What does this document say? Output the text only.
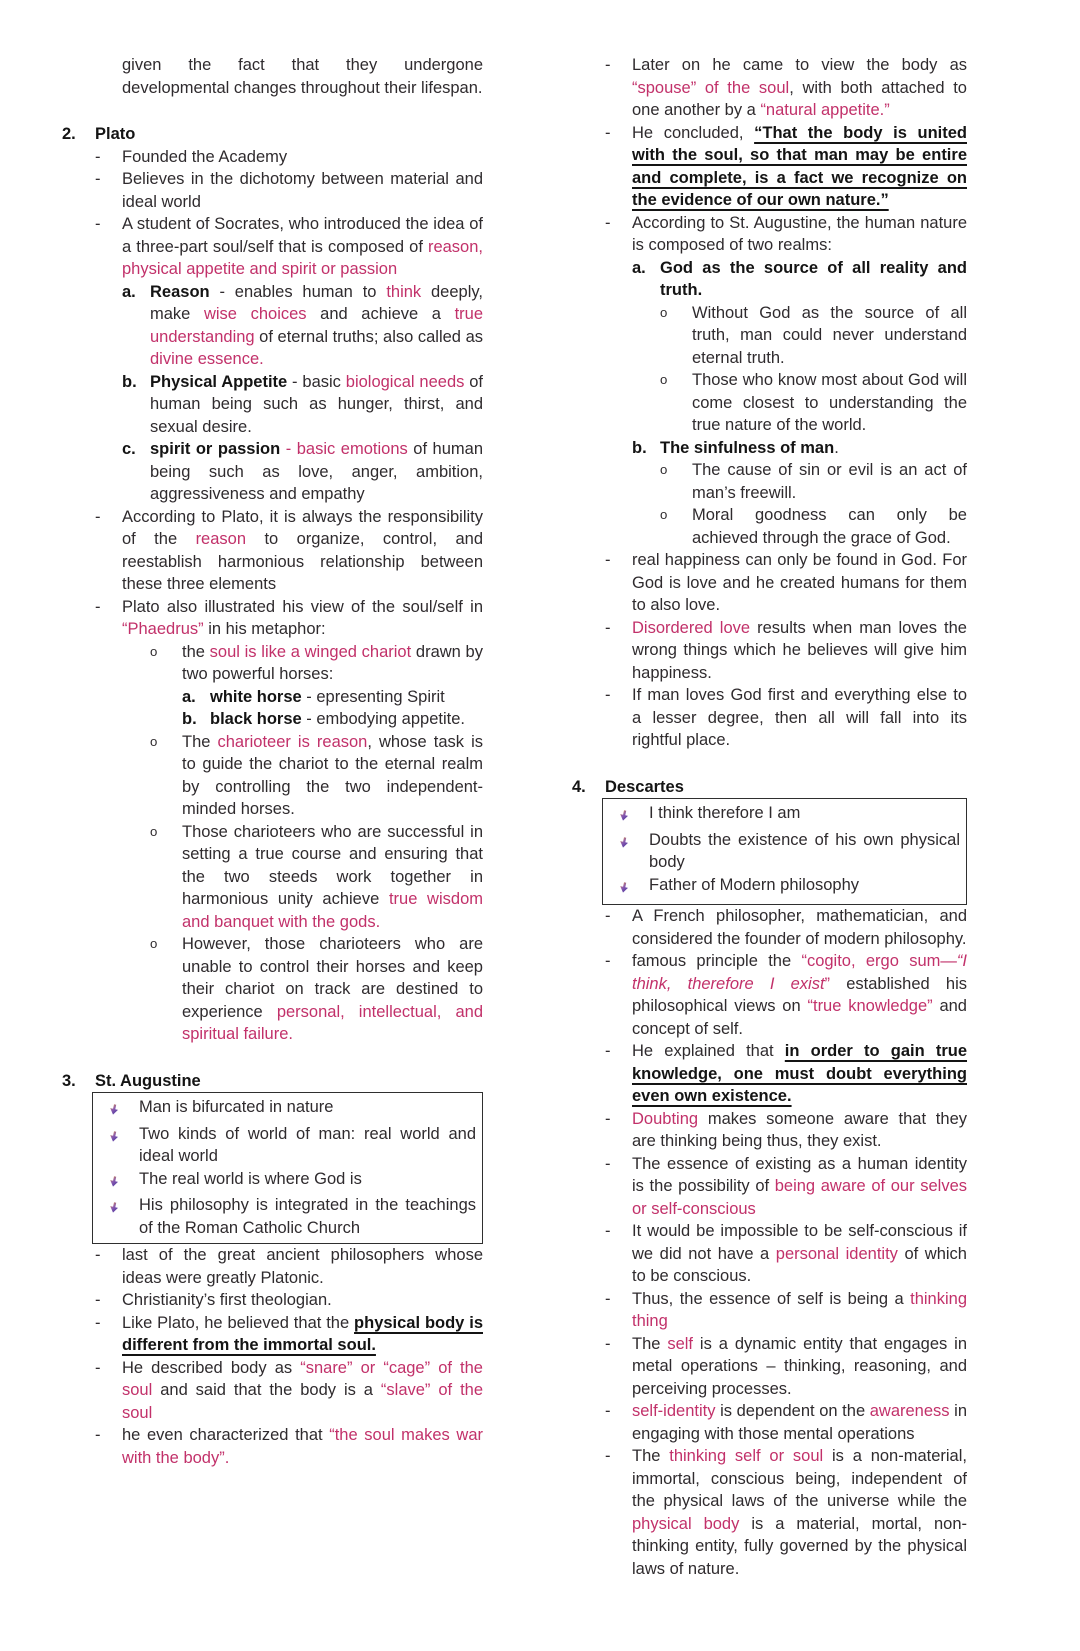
given the fact that they undergone developmental changes throughout their lifespan.
2.	Plato
-	Founded the Academy
-	Believes in the dichotomy between material and ideal world
-	A student of Socrates, who introduced the idea of a three-part soul/self that is composed of reason, physical appetite and spirit or passion
a. Reason - enables human to think deeply, make wise choices and achieve a true understanding of eternal truths; also called as divine essence.
b. Physical Appetite - basic biological needs of human being such as hunger, thirst, and sexual desire.
c. spirit or passion - basic emotions of human being such as love, anger, ambition, aggressiveness and empathy
-	According to Plato, it is always the responsibility of the reason to organize, control, and reestablish harmonious relationship between these three elements
-	Plato also illustrated his view of the soul/self in “Phaedrus” in his metaphor:
o	the soul is like a winged chariot drawn by two powerful horses:
a. white horse - epresenting Spirit
b. black horse - embodying appetite.
o	The charioteer is reason, whose task is to guide the chariot to the eternal realm by controlling the two independent-minded horses.
o	Those charioteers who are successful in setting a true course and ensuring that the two steeds work together in harmonious unity achieve true wisdom and banquet with the gods.
o	However, those charioteers who are unable to control their horses and keep their chariot on track are destined to experience personal, intellectual, and spiritual failure.
3.	St. Augustine
Man is bifurcated in nature
Two kinds of world of man: real world and ideal world
The real world is where God is
His philosophy is integrated in the teachings of the Roman Catholic Church
-	last of the great ancient philosophers whose ideas were greatly Platonic.
-	Christianity’s first theologian.
-	Like Plato, he believed that the physical body is different from the immortal soul.
-	He described body as “snare” or “cage” of the soul and said that the body is a “slave” of the soul
-	he even characterized that “the soul makes war with the body”.
-	Later on he came to view the body as “spouse” of the soul, with both attached to one another by a “natural appetite.”
-	He concluded, “That the body is united with the soul, so that man may be entire and complete, is a fact we recognize on the evidence of our own nature.”
-	According to St. Augustine, the human nature is composed of two realms:
a. God as the source of all reality and truth.
o	Without God as the source of all truth, man could never understand eternal truth.
o	Those who know most about God will come closest to understanding the true nature of the world.
b. The sinfulness of man.
o	The cause of sin or evil is an act of man’s freewill.
o	Moral goodness can only be achieved through the grace of God.
-	real happiness can only be found in God. For God is love and he created humans for them to also love.
-	Disordered love results when man loves the wrong things which he believes will give him happiness.
-	If man loves God first and everything else to a lesser degree, then all will fall into its rightful place.
4.	Descartes
I think therefore I am
Doubts the existence of his own physical body
Father of Modern philosophy
-	A French philosopher, mathematician, and considered the founder of modern philosophy.
-	famous principle the “cogito, ergo sum—“I think, therefore I exist” established his philosophical views on “true knowledge” and concept of self.
-	He explained that in order to gain true knowledge, one must doubt everything even own existence.
-	Doubting makes someone aware that they are thinking being thus, they exist.
-	The essence of existing as a human identity is the possibility of being aware of our selves or self-conscious
-	It would be impossible to be self-conscious if we did not have a personal identity of which to be conscious.
-	Thus, the essence of self is being a thinking thing
-	The self is a dynamic entity that engages in metal operations – thinking, reasoning, and perceiving processes.
-	self-identity is dependent on the awareness in engaging with those mental operations
-	The thinking self or soul is a non-material, immortal, conscious being, independent of the physical laws of the universe while the physical body is a material, mortal, non-thinking entity, fully governed by the physical laws of nature.
